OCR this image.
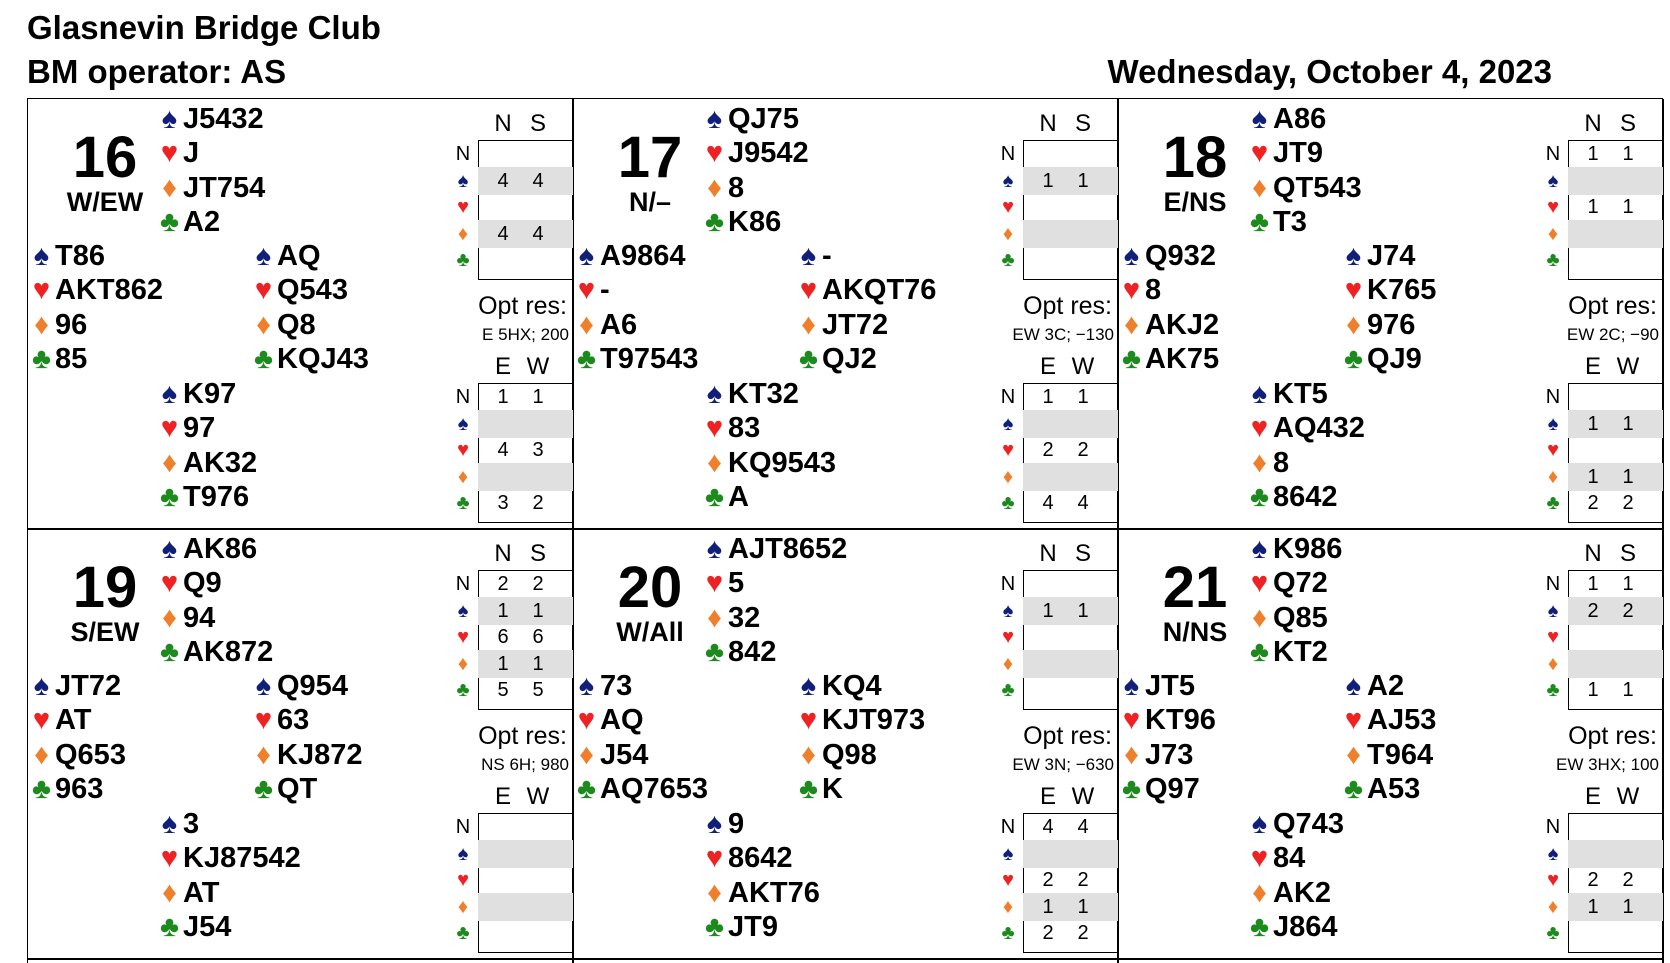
Glasnevin Bridge Club
BM operator: AS	Wednesday, October 4, 2023
16
W/EW
♠ J5432
♥ J
♦ JT754
♣ A2
♠ T86
♥ AKT862
♦ 96
♣ 85
♠ AQ
♥ Q543
♦ Q8
♣ KQJ43
♠ K97
♥ 97
♦ AK32
♣ T976
N S
N
♠	4	4
♥
♦	4	4
♣
E W
N	1	1
♠
♥	4	3
♦
♣	3	2
Opt res:
E 5HX; 200
17
N/–
♠ QJ75
♥ J9542
♦ 8
♣ K86
♠ A9864
♥ -
♦ A6
♣ T97543
♠ -
♥ AKQT76
♦ JT72
♣ QJ2
♠ KT32
♥ 83
♦ KQ9543
♣ A
N S
N
♠	1	1
♥
♦
♣
E W
N	1	1
♠
♥	2	2
♦
♣	4	4
Opt res:
EW 3C; −130
18
E/NS
♠ A86
♥ JT9
♦ QT543
♣ T3
♠ Q932
♥ 8
♦ AKJ2
♣ AK75
♠ J74
♥ K765
♦ 976
♣ QJ9
♠ KT5
♥ AQ432
♦ 8
♣ 8642
N S
N	1	1
♠
♥	1	1
♦
♣
E W
N
♠	1	1
♥
♦	1	1
♣	2	2
Opt res:
EW 2C; −90
19
S/EW
♠ AK86
♥ Q9
♦ 94
♣ AK872
♠ JT72
♥ AT
♦ Q653
♣ 963
♠ Q954
♥ 63
♦ KJ872
♣ QT
♠ 3
♥ KJ87542
♦ AT
♣ J54
N S
N	2	2
♠	1	1
♥	6	6
♦	1	1
♣	5	5
E W
N
♠
♥
♦
♣
Opt res:
NS 6H; 980
20
W/All
♠ AJT8652
♥ 5
♦ 32
♣ 842
♠ 73
♥ AQ
♦ J54
♣ AQ7653
♠ KQ4
♥ KJT973
♦ Q98
♣ K
♠ 9
♥ 8642
♦ AKT76
♣ JT9
N S
N
♠	1	1
♥
♦
♣
E W
N	4	4
♠
♥	2	2
♦	1	1
♣	2	2
Opt res:
EW 3N; −630
21
N/NS
♠ K986
♥ Q72
♦ Q85
♣ KT2
♠ JT5
♥ KT96
♦ J73
♣ Q97
♠ A2
♥ AJ53
♦ T964
♣ A53
♠ Q743
♥ 84
♦ AK2
♣ J864
N S
N	1	1
♠	2	2
♥
♦
♣	1	1
E W
N
♠
♥	2	2
♦	1	1
♣
Opt res:
EW 3HX; 100
